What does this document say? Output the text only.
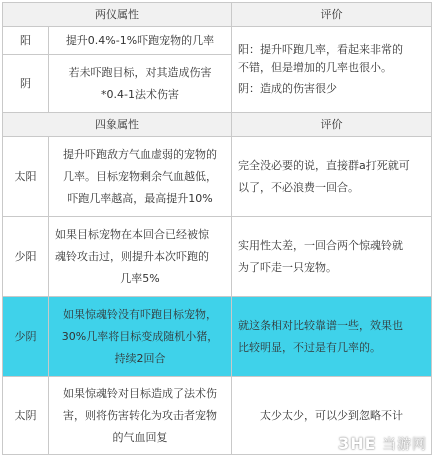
两仪属性		评价
阳	提升0.4%-1%吓跑宠物的几率	阳：提升吓跑几率，看起来非常的
不错，但是增加的几率也很小。
阴：造成的伤害很少

阴	若未吓跑目标，对其造成伤害
*0.4-1法术伤害	

四象属性		评价
太阳	提升吓跑敌方气血虚弱的宠物的
几率。目标宠物剩余气血越低，
吓跑几率越高，最高提升10%	完全没必要的说，直接群a打死就可
以了，不必浪费一回合。

少阳	如果目标宠物在本回合已经被惊
魂铃攻击过，则提升本次吓跑的
几率5%	实用性太差，一回合两个惊魂铃就
为了吓走一只宠物。

少阴	如果惊魂铃没有吓跑目标宠物，
30%几率将目标变成随机小猪，
持续2回合	就这条相对比较靠谱一些，效果也
比较明显，不过是有几率的。

太阴	如果惊魂铃对目标造成了法术伤
害，则将伤害转化为攻击者宠物
的气血回复	太少太少，可以少到忽略不计
3HE 当游网
